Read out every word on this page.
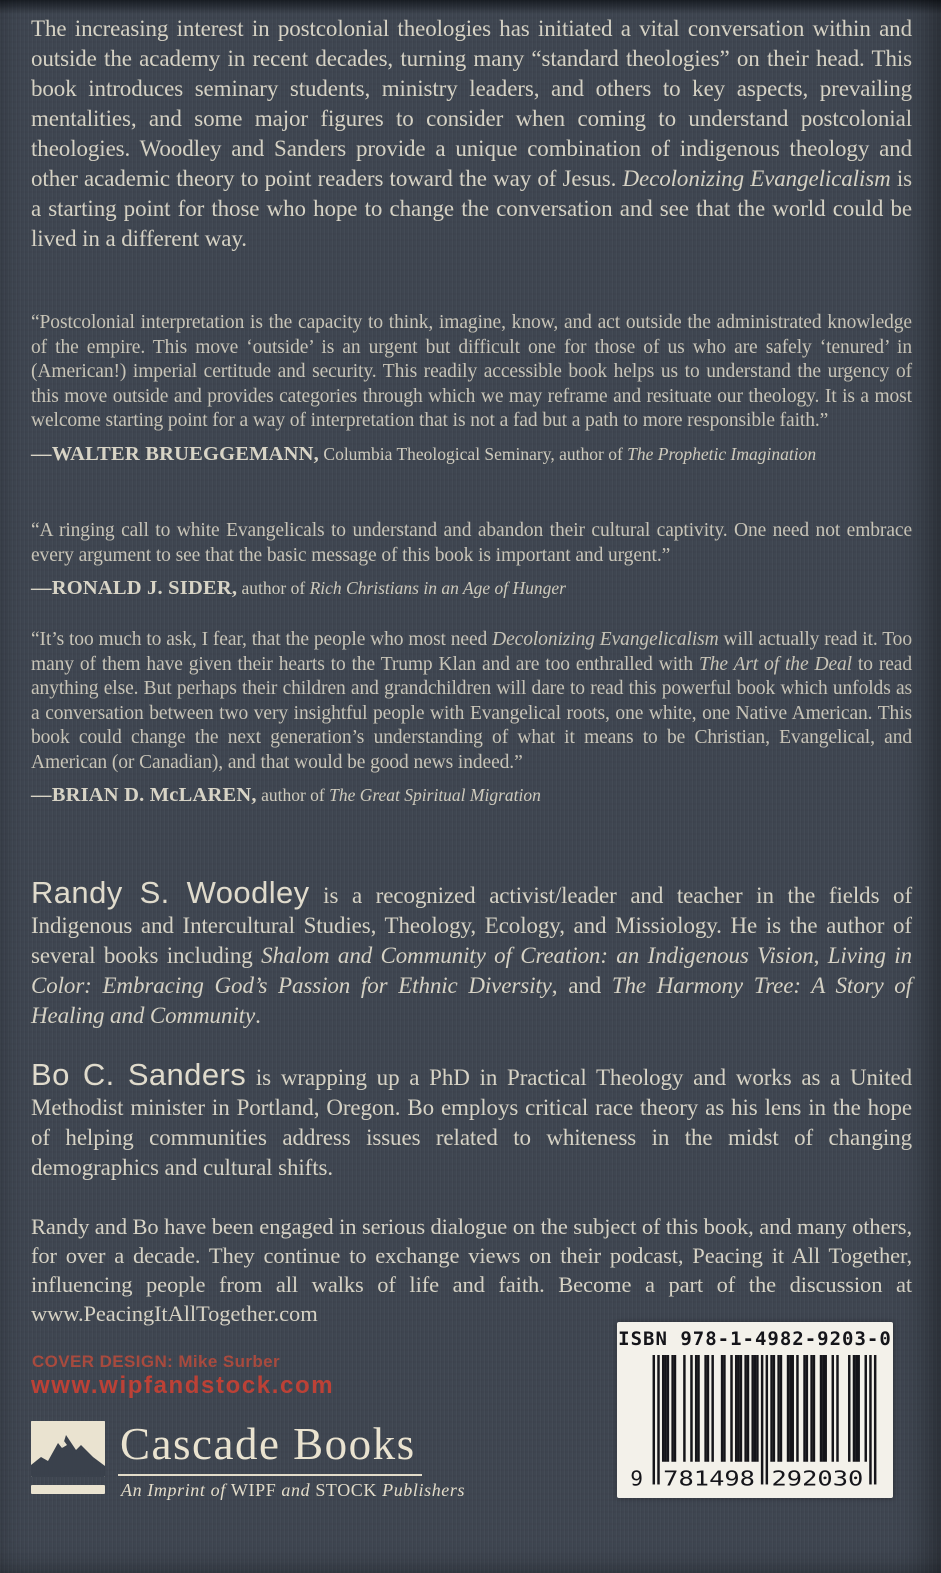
The increasing interest in postcolonial theologies has initiated a vital conversation within and outside the academy in recent decades, turning many “standard theologies” on their head. This book introduces seminary students, ministry leaders, and others to key aspects, prevailing mentalities, and some major figures to consider when coming to understand postcolonial theologies. Woodley and Sanders provide a unique combination of indigenous theology and other academic theory to point readers toward the way of Jesus. Decolonizing Evangelicalism is a starting point for those who hope to change the conversation and see that the world could be lived in a different way.

“Postcolonial interpretation is the capacity to think, imagine, know, and act outside the administrated knowledge of the empire. This move ‘outside’ is an urgent but difficult one for those of us who are safely ‘tenured’ in (American!) imperial certitude and security. This readily accessible book helps us to understand the urgency of this move outside and provides categories through which we may reframe and resituate our theology. It is a most welcome starting point for a way of interpretation that is not a fad but a path to more responsible faith.”

—WALTER BRUEGGEMANN, Columbia Theological Seminary, author of The Prophetic Imagination

“A ringing call to white Evangelicals to understand and abandon their cultural captivity. One need not embrace every argument to see that the basic message of this book is important and urgent.”

—RONALD J. SIDER, author of Rich Christians in an Age of Hunger

“It’s too much to ask, I fear, that the people who most need Decolonizing Evangelicalism will actually read it. Too many of them have given their hearts to the Trump Klan and are too enthralled with The Art of the Deal to read anything else. But perhaps their children and grandchildren will dare to read this powerful book which unfolds as a conversation between two very insightful people with Evangelical roots, one white, one Native American. This book could change the next generation’s understanding of what it means to be Christian, Evangelical, and American (or Canadian), and that would be good news indeed.”

—BRIAN D. McLAREN, author of The Great Spiritual Migration

Randy S. Woodley is a recognized activist/leader and teacher in the fields of Indigenous and Intercultural Studies, Theology, Ecology, and Missiology. He is the author of several books including Shalom and Community of Creation: an Indigenous Vision, Living in Color: Embracing God’s Passion for Ethnic Diversity, and The Harmony Tree: A Story of Healing and Community.

Bo C. Sanders is wrapping up a PhD in Practical Theology and works as a United Methodist minister in Portland, Oregon. Bo employs critical race theory as his lens in the hope of helping communities address issues related to whiteness in the midst of changing demographics and cultural shifts.

Randy and Bo have been engaged in serious dialogue on the subject of this book, and many others, for over a decade. They continue to exchange views on their podcast, Peacing it All Together, influencing people from all walks of life and faith. Become a part of the discussion at www.PeacingItAllTogether.com

COVER DESIGN: Mike Surber

www.wipfandstock.com

Cascade Books

An Imprint of WIPF and STOCK Publishers

ISBN 978-1-4982-9203-0

9 781498 292030
